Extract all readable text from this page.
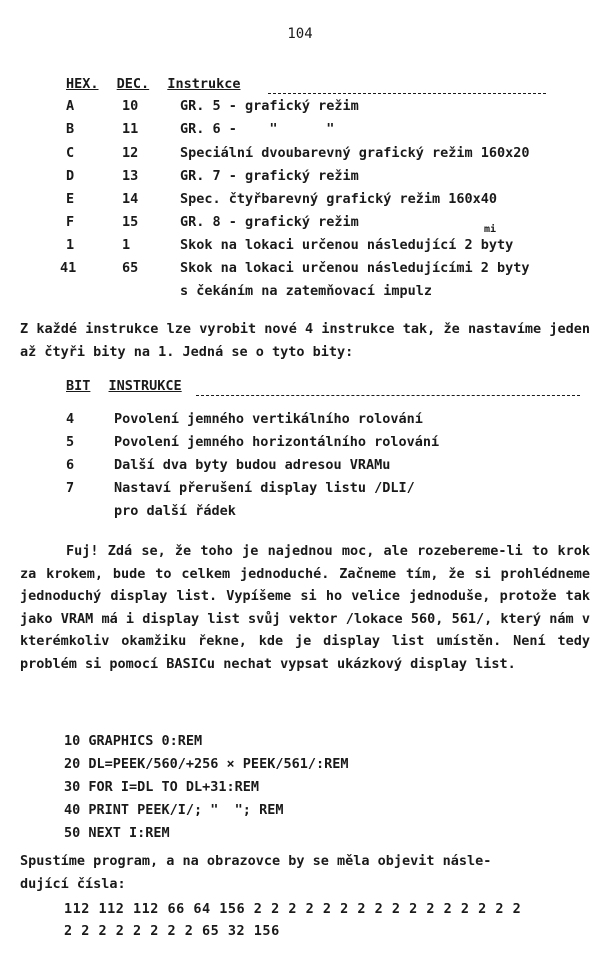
104
HEX. DEC. Instrukce
A	10	GR. 5 - grafický režim
B	11	GR. 6 -    "      "
C	12	Speciální dvoubarevný grafický režim 160x20
D	13	GR. 7 - grafický režim
E	14	Spec. čtyřbarevný grafický režim 160x40
F	15	GR. 8 - grafický režim
1	1	Skok na lokaci určenou následující 2 byty
mi
41	65	Skok na lokaci určenou následujícími 2 byty
s čekáním na zatemňovací impulz
Z každé instrukce lze vyrobit nové 4 instrukce tak, že nastavíme jeden až čtyři bity na 1. Jedná se o tyto bity:
BIT INSTRUKCE
4	Povolení jemného vertikálního rolování
5	Povolení jemného horizontálního rolování
6	Další dva byty budou adresou VRAMu
7	Nastaví přerušení display listu /DLI/
pro další řádek
Fuj! Zdá se, že toho je najednou moc, ale rozebereme-li to krok za krokem, bude to celkem jednoduché. Začneme tím, že si prohlédneme jednoduchý display list. Vypíšeme si ho velice jednoduše, protože tak jako VRAM má i display list svůj vektor /lokace 560, 561/, který nám v kterémkoliv okamžiku řekne, kde je display list umístěn. Není tedy problém si pomocí BASICu nechat vypsat ukázkový display list.
10 GRAPHICS 0:REM
20 DL=PEEK/560/+256 × PEEK/561/:REM
30 FOR I=DL TO DL+31:REM
40 PRINT PEEK/I/; "  "; REM
50 NEXT I:REM
Spustíme program, a na obrazovce by se měla objevit násle-
dující čísla:
112 112 112 66 64 156 2 2 2 2 2 2 2 2 2 2 2 2 2 2 2 2
2 2 2 2 2 2 2 2 65 32 156
